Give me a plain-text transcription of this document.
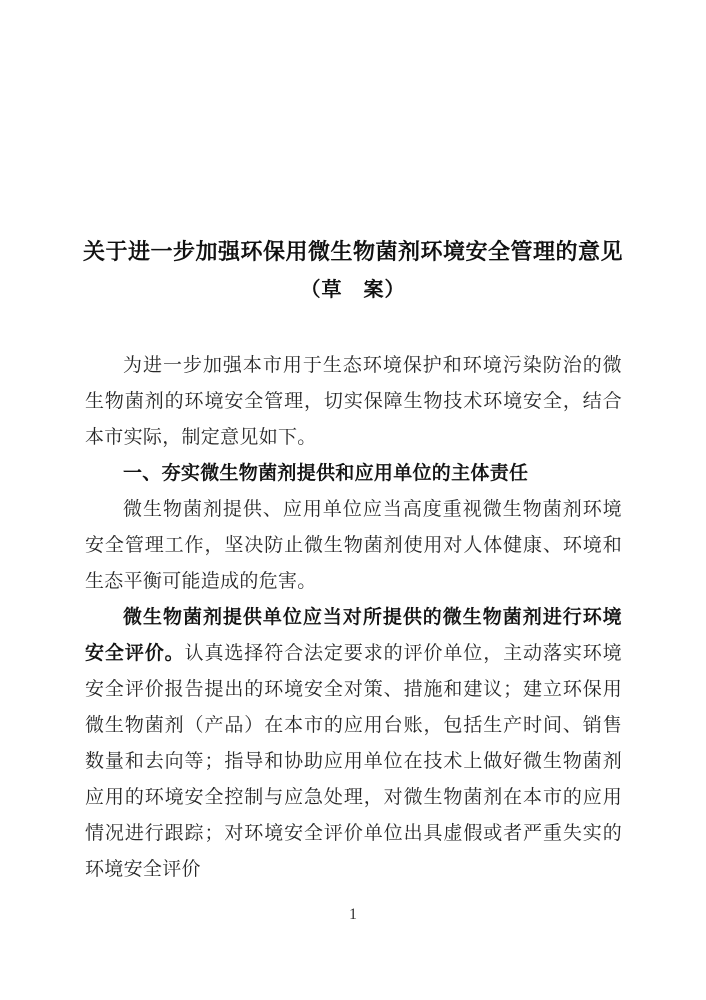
关于进一步加强环保用微生物菌剂环境安全管理的意见
（草　案）

为进一步加强本市用于生态环境保护和环境污染防治的微生物菌剂的环境安全管理，切实保障生物技术环境安全，结合本市实际，制定意见如下。

一、夯实微生物菌剂提供和应用单位的主体责任

微生物菌剂提供、应用单位应当高度重视微生物菌剂环境安全管理工作，坚决防止微生物菌剂使用对人体健康、环境和生态平衡可能造成的危害。

微生物菌剂提供单位应当对所提供的微生物菌剂进行环境安全评价。认真选择符合法定要求的评价单位，主动落实环境安全评价报告提出的环境安全对策、措施和建议；建立环保用微生物菌剂（产品）在本市的应用台账，包括生产时间、销售数量和去向等；指导和协助应用单位在技术上做好微生物菌剂应用的环境安全控制与应急处理，对微生物菌剂在本市的应用情况进行跟踪；对环境安全评价单位出具虚假或者严重失实的环境安全评价

1
